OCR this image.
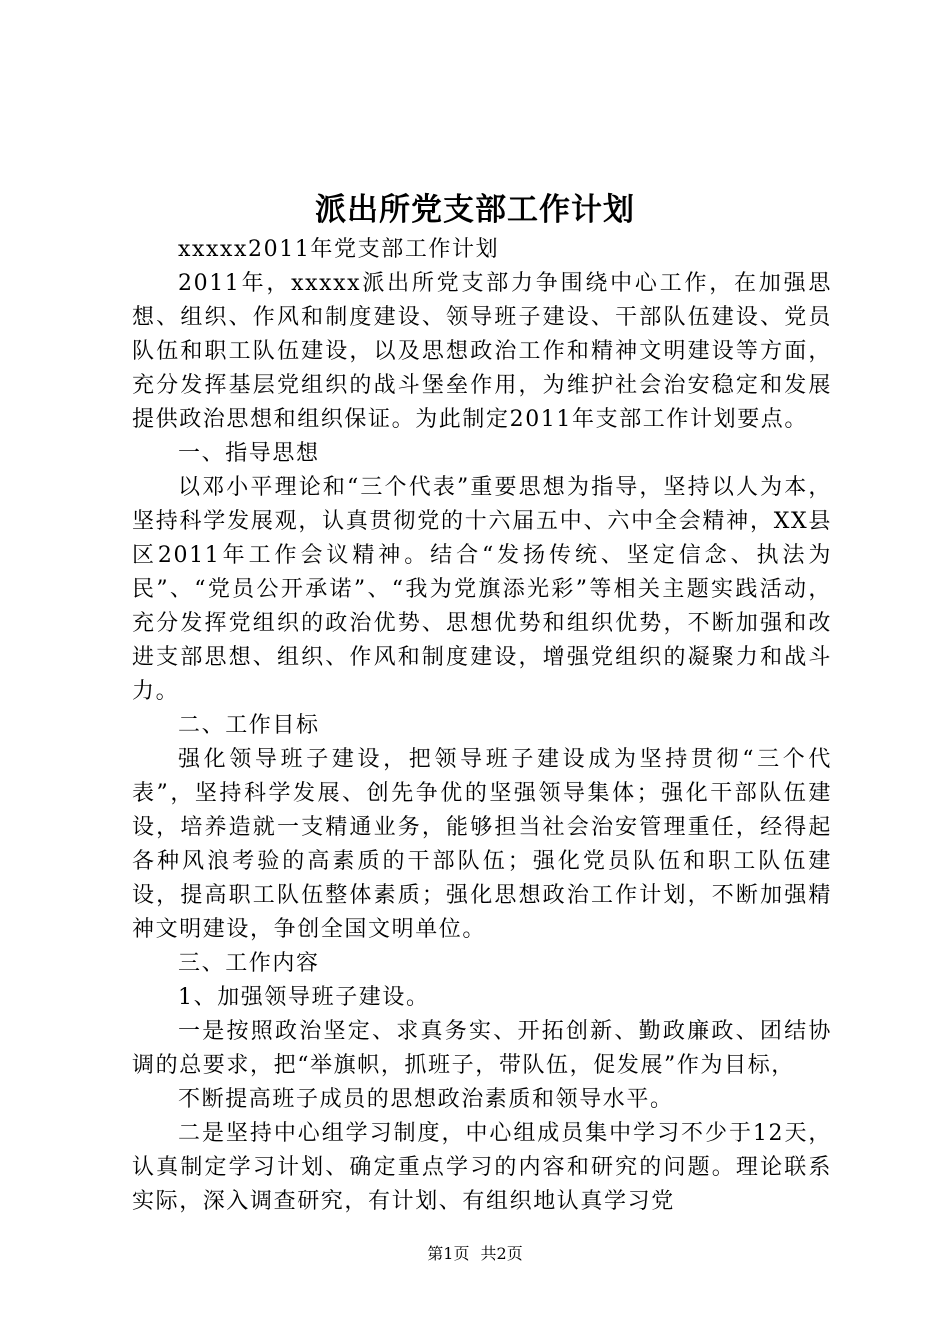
派出所党支部工作计划

xxxxx2011年党支部工作计划

2011年，xxxxx派出所党支部力争围绕中心工作，在加强思想、组织、作风和制度建设、领导班子建设、干部队伍建设、党员队伍和职工队伍建设，以及思想政治工作和精神文明建设等方面，充分发挥基层党组织的战斗堡垒作用，为维护社会治安稳定和发展提供政治思想和组织保证。为此制定2011年支部工作计划要点。

一、指导思想

以邓小平理论和“三个代表”重要思想为指导，坚持以人为本，坚持科学发展观，认真贯彻党的十六届五中、六中全会精神，XX县区2011年工作会议精神。结合“发扬传统、坚定信念、执法为民”、“党员公开承诺”、“我为党旗添光彩”等相关主题实践活动，充分发挥党组织的政治优势、思想优势和组织优势，不断加强和改进支部思想、组织、作风和制度建设，增强党组织的凝聚力和战斗力。

二、工作目标

强化领导班子建设，把领导班子建设成为坚持贯彻“三个代表”，坚持科学发展、创先争优的坚强领导集体；强化干部队伍建设，培养造就一支精通业务，能够担当社会治安管理重任，经得起各种风浪考验的高素质的干部队伍；强化党员队伍和职工队伍建设，提高职工队伍整体素质；强化思想政治工作计划，不断加强精神文明建设，争创全国文明单位。

三、工作内容

1、加强领导班子建设。

一是按照政治坚定、求真务实、开拓创新、勤政廉政、团结协调的总要求，把“举旗帜，抓班子，带队伍，促发展”作为目标，

不断提高班子成员的思想政治素质和领导水平。

二是坚持中心组学习制度，中心组成员集中学习不少于12天，认真制定学习计划、确定重点学习的内容和研究的问题。理论联系实际，深入调查研究，有计划、有组织地认真学习党

第1页 共2页
